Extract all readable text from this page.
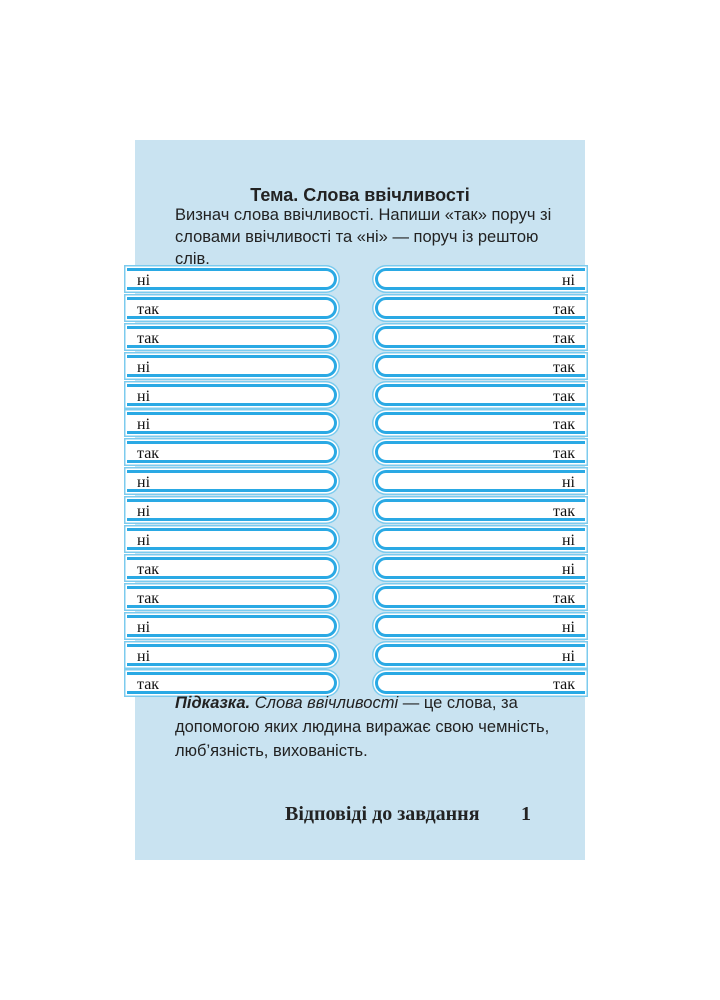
Тема. Слова ввічливості
Визнач слова ввічливості. Напиши «так» поруч зі словами ввічливості та «ні» — поруч із рештою слів.
ні
так
так
ні
ні
ні
так
ні
ні
ні
так
так
ні
ні
так
ні
так
так
так
так
так
так
ні
так
ні
ні
так
ні
ні
так
Підказка. Слова ввічливості — це слова, за допомогою яких людина виражає свою чемність, люб’язність, вихованість.
Відповіді до завдання 1
